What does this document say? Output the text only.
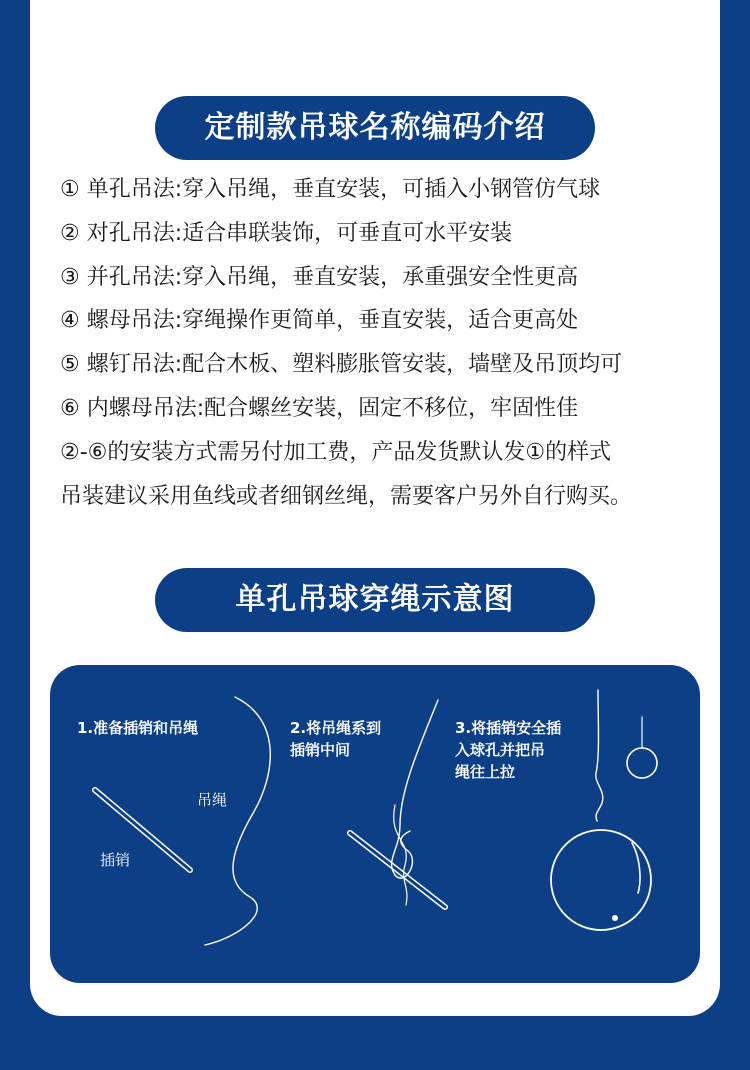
定制款吊球名称编码介绍
① 单孔吊法:穿入吊绳，垂直安装，可插入小钢管仿气球
② 对孔吊法:适合串联装饰，可垂直可水平安装
③ 并孔吊法:穿入吊绳，垂直安装，承重强安全性更高
④ 螺母吊法:穿绳操作更简单，垂直安装，适合更高处
⑤ 螺钉吊法:配合木板、塑料膨胀管安装，墙壁及吊顶均可
⑥ 内螺母吊法:配合螺丝安装，固定不移位，牢固性佳
②-⑥的安装方式需另付加工费，产品发货默认发①的样式
吊装建议采用鱼线或者细钢丝绳，需要客户另外自行购买。
单孔吊球穿绳示意图
1.准备插销和吊绳	2.将吊绳系到
插销中间
3.将插销安全插
入球孔并把吊
绳往上拉
吊绳
插销
